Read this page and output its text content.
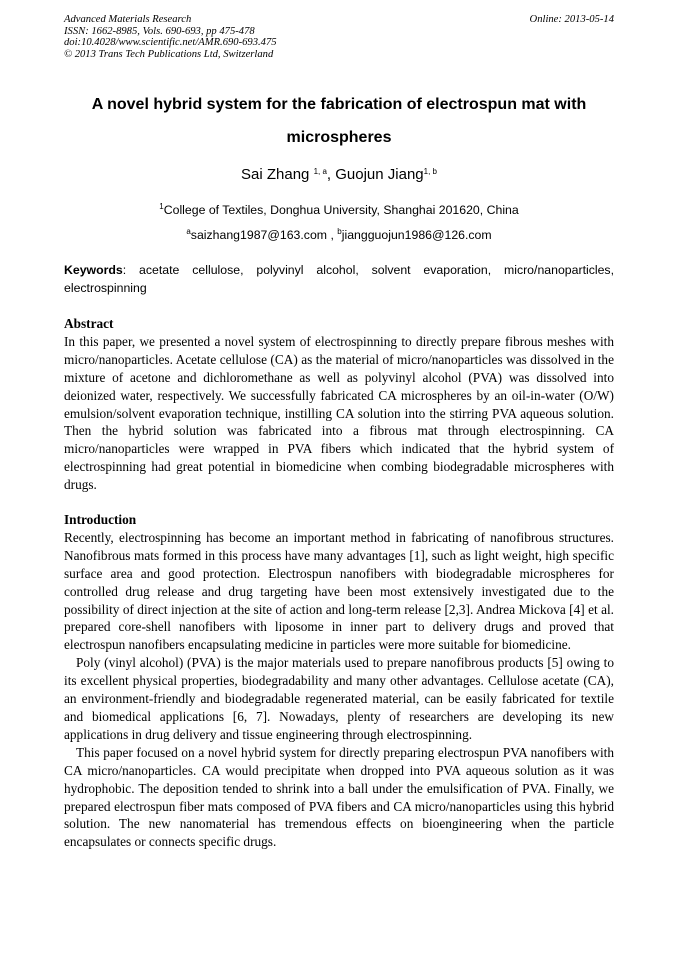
Advanced Materials Research
ISSN: 1662-8985, Vols. 690-693, pp 475-478
doi:10.4028/www.scientific.net/AMR.690-693.475
© 2013 Trans Tech Publications Ltd, Switzerland
Online: 2013-05-14
A novel hybrid system for the fabrication of electrospun mat with microspheres
Sai Zhang $^{1, a}$, Guojun Jiang$^{1, b}$
$^1$College of Textiles, Donghua University, Shanghai 201620, China
$^a$saizhang1987@163.com , $^b$jiangguojun1986@126.com
Keywords: acetate cellulose, polyvinyl alcohol, solvent evaporation, micro/nanoparticles, electrospinning
Abstract

In this paper, we presented a novel system of electrospinning to directly prepare fibrous meshes with micro/nanoparticles. Acetate cellulose (CA) as the material of micro/nanoparticles was dissolved in the mixture of acetone and dichloromethane as well as polyvinyl alcohol (PVA) was dissolved into deionized water, respectively. We successfully fabricated CA microspheres by an oil-in-water (O/W) emulsion/solvent evaporation technique, instilling CA solution into the stirring PVA aqueous solution. Then the hybrid solution was fabricated into a fibrous mat through electrospinning. CA micro/nanoparticles were wrapped in PVA fibers which indicated that the hybrid system of electrospinning had great potential in biomedicine when combing biodegradable microspheres with drugs.

Introduction

Recently, electrospinning has become an important method in fabricating of nanofibrous structures. Nanofibrous mats formed in this process have many advantages [1], such as light weight, high specific surface area and good protection. Electrospun nanofibers with biodegradable microspheres for controlled drug release and drug targeting have been most extensively investigated due to the possibility of direct injection at the site of action and long-term release [2,3]. Andrea Mickova [4] et al. prepared core-shell nanofibers with liposome in inner part to delivery drugs and proved that electrospun nanofibers encapsulating medicine in particles were more suitable for biomedicine.

Poly (vinyl alcohol) (PVA) is the major materials used to prepare nanofibrous products [5] owing to its excellent physical properties, biodegradability and many other advantages. Cellulose acetate (CA), an environment-friendly and biodegradable regenerated material, can be easily fabricated for textile and biomedical applications [6, 7]. Nowadays, plenty of researchers are developing its new applications in drug delivery and tissue engineering through electrospinning.

This paper focused on a novel hybrid system for directly preparing electrospun PVA nanofibers with CA micro/nanoparticles. CA would precipitate when dropped into PVA aqueous solution as it was hydrophobic. The deposition tended to shrink into a ball under the emulsification of PVA. Finally, we prepared electrospun fiber mats composed of PVA fibers and CA micro/nanoparticles using this hybrid solution. The new nanomaterial has tremendous effects on bioengineering when the particle encapsulates or connects specific drugs.
